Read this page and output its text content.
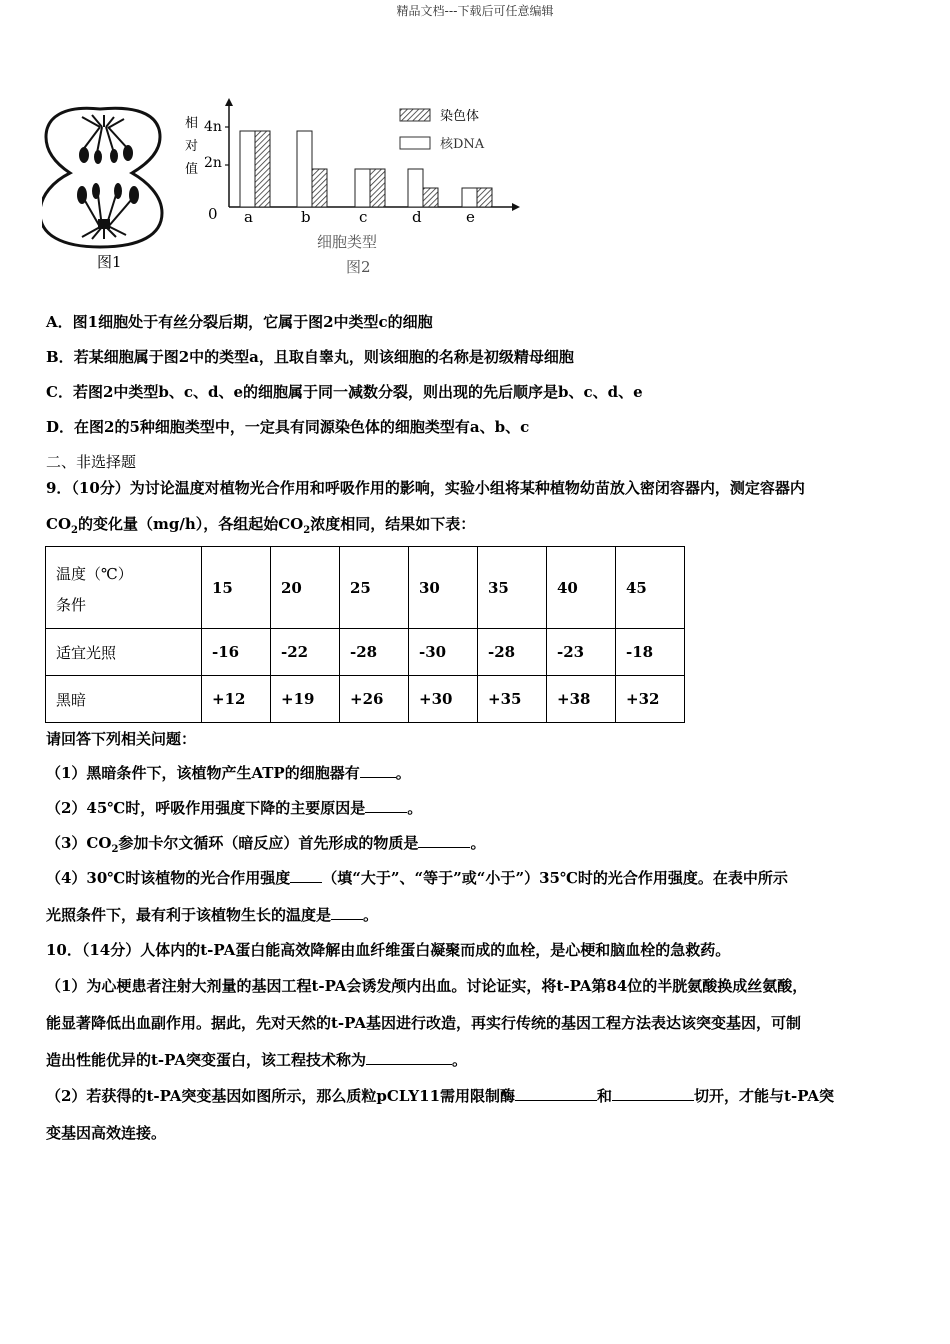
精品文档---下载后可任意编辑
图1
相
对
值
4n
2n
0 a	b	c	d	e
染色体
核DNA
细胞类型
图2
A．图1细胞处于有丝分裂后期，它属于图2中类型c的细胞
B．若某细胞属于图2中的类型a，且取自睾丸，则该细胞的名称是初级精母细胞
C．若图2中类型b、c、d、e的细胞属于同一减数分裂，则出现的先后顺序是b、c、d、e
D．在图2的5种细胞类型中，一定具有同源染色体的细胞类型有a、b、c
二、非选择题
9．（10分）为讨论温度对植物光合作用和呼吸作用的影响，实验小组将某种植物幼苗放入密闭容器内，测定容器内
$CO_2$的变化量（mg/h），各组起始$CO_2$浓度相同，结果如下表：
温度（℃）
条件	15	20	25	30	35	40	45
适宜光照	-16	-22	-28	-30	-28	-23	-18
黑暗	+12	+19	+26	+30	+35	+38	+32
请回答下列相关问题：
（1）黑暗条件下，该植物产生ATP的细胞器有 。
（2）45℃时，呼吸作用强度下降的主要原因是	。
$(3)CO_2$参加卡尔文循环（暗反应）首先形成的物质是	。
（4）30℃时该植物的光合作用强度 （填“大于”、“等于”或“小于”）35℃时的光合作用强度。在表中所示
光照条件下，最有利于该植物生长的温度是 。
10．（14分）人体内的t-PA蛋白能高效降解由血纤维蛋白凝聚而成的血栓，是心梗和脑血栓的急救药。
（1）为心梗患者注射大剂量的基因工程t-PA会诱发颅内出血。讨论证实，将t-PA第84位的半胱氨酸换成丝氨酸，
能显著降低出血副作用。据此，先对天然的t-PA基因进行改造，再实行传统的基因工程方法表达该突变基因，可制
造出性能优异的t-PA突变蛋白，该工程技术称为	。
（2）若获得的t-PA突变基因如图所示，那么质粒pCLY11需用限制酶	和	切开，才能与t-PA突
变基因高效连接。
